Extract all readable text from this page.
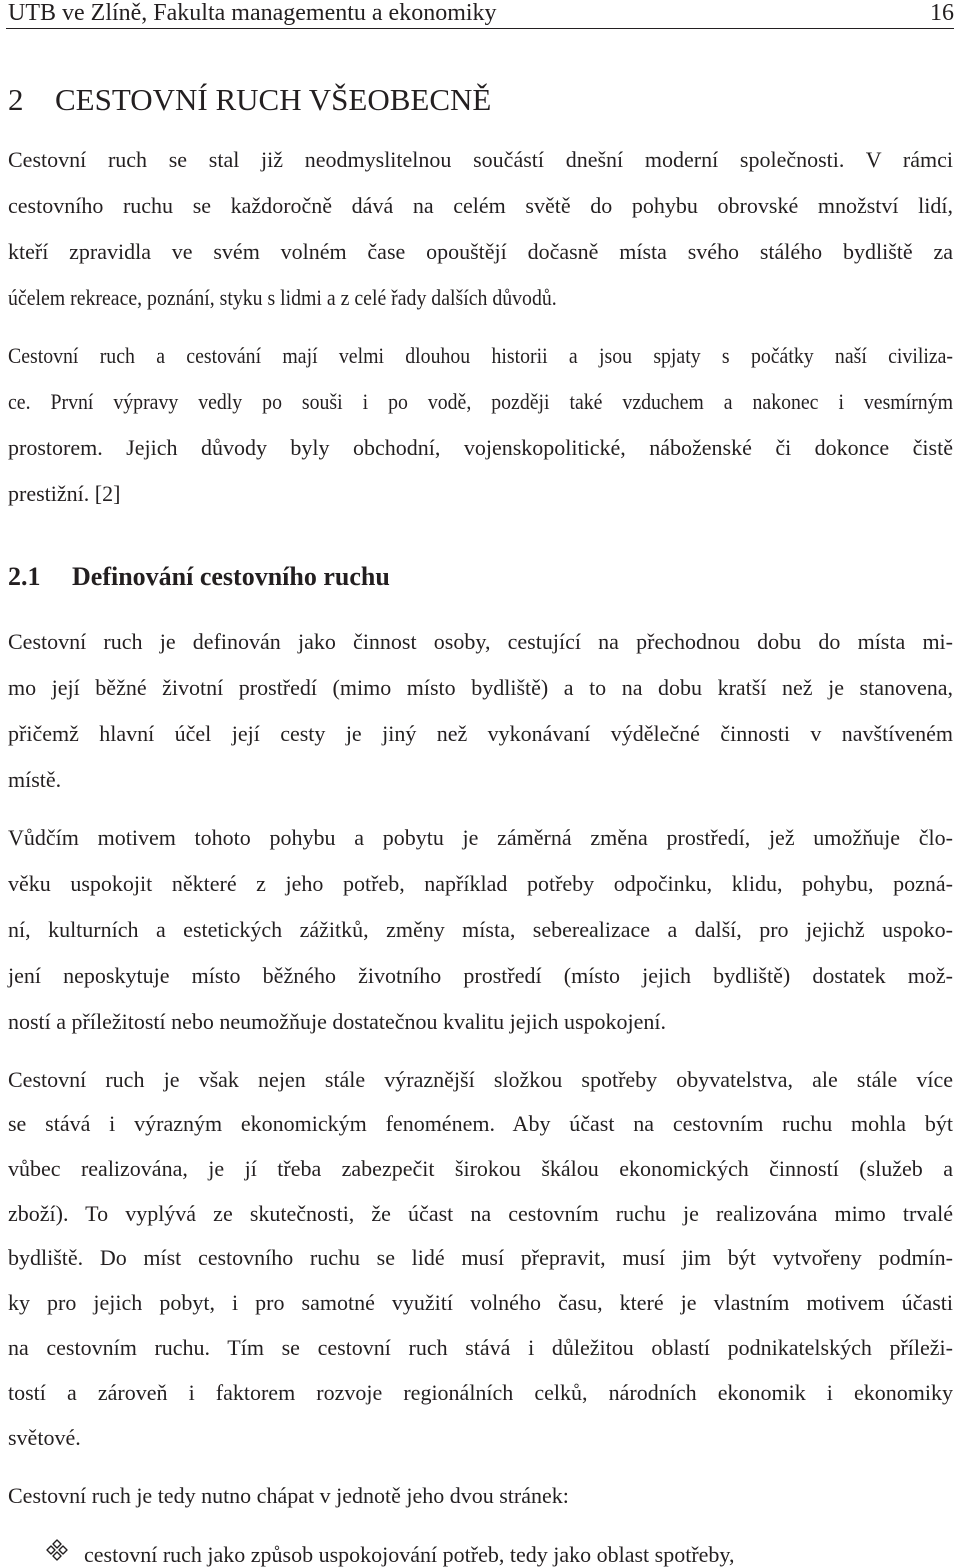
UTB ve Zlíně, Fakulta managementu a ekonomiky	16
2 CESTOVNÍ RUCH VŠEOBECNĚ
Cestovní ruch se stal již neodmyslitelnou součástí dnešní moderní společnosti. V rámci
cestovního ruchu se každoročně dává na celém světě do pohybu obrovské množství lidí,
kteří zpravidla ve svém volném čase opouštějí dočasně místa svého stálého bydliště za
účelem rekreace, poznání, styku s lidmi a z celé řady dalších důvodů.
Cestovní ruch a cestování mají velmi dlouhou historii a jsou spjaty s počátky naší civiliza-
ce. První výpravy vedly po souši i po vodě, později také vzduchem a nakonec i vesmírným
prostorem. Jejich důvody byly obchodní, vojenskopolitické, náboženské či dokonce čistě
prestižní. [2]
2.1 Definování cestovního ruchu
Cestovní ruch je definován jako činnost osoby, cestující na přechodnou dobu do místa mi-
mo její běžné životní prostředí (mimo místo bydliště) a to na dobu kratší než je stanovena,
přičemž hlavní účel její cesty je jiný než vykonávaní výdělečné činnosti v navštíveném
místě.
Vůdčím motivem tohoto pohybu a pobytu je záměrná změna prostředí, jež umožňuje člo-
věku uspokojit některé z jeho potřeb, například potřeby odpočinku, klidu, pohybu, pozná-
ní, kulturních a estetických zážitků, změny místa, seberealizace a další, pro jejichž uspoko-
jení neposkytuje místo běžného životního prostředí (místo jejich bydliště) dostatek mož-
ností a příležitostí nebo neumožňuje dostatečnou kvalitu jejich uspokojení.
Cestovní ruch je však nejen stále výraznější složkou spotřeby obyvatelstva, ale stále více
se stává i výrazným ekonomickým fenoménem. Aby účast na cestovním ruchu mohla být
vůbec realizována, je jí třeba zabezpečit širokou škálou ekonomických činností (služeb a
zboží). To vyplývá ze skutečnosti, že účast na cestovním ruchu je realizována mimo trvalé
bydliště. Do míst cestovního ruchu se lidé musí přepravit, musí jim být vytvořeny podmín-
ky pro jejich pobyt, i pro samotné využití volného času, které je vlastním motivem účasti
na cestovním ruchu. Tím se cestovní ruch stává i důležitou oblastí podnikatelských příleži-
tostí a zároveň i faktorem rozvoje regionálních celků, národních ekonomik i ekonomiky
světové.
Cestovní ruch je tedy nutno chápat v jednotě jeho dvou stránek:
cestovní ruch jako způsob uspokojování potřeb, tedy jako oblast spotřeby,
